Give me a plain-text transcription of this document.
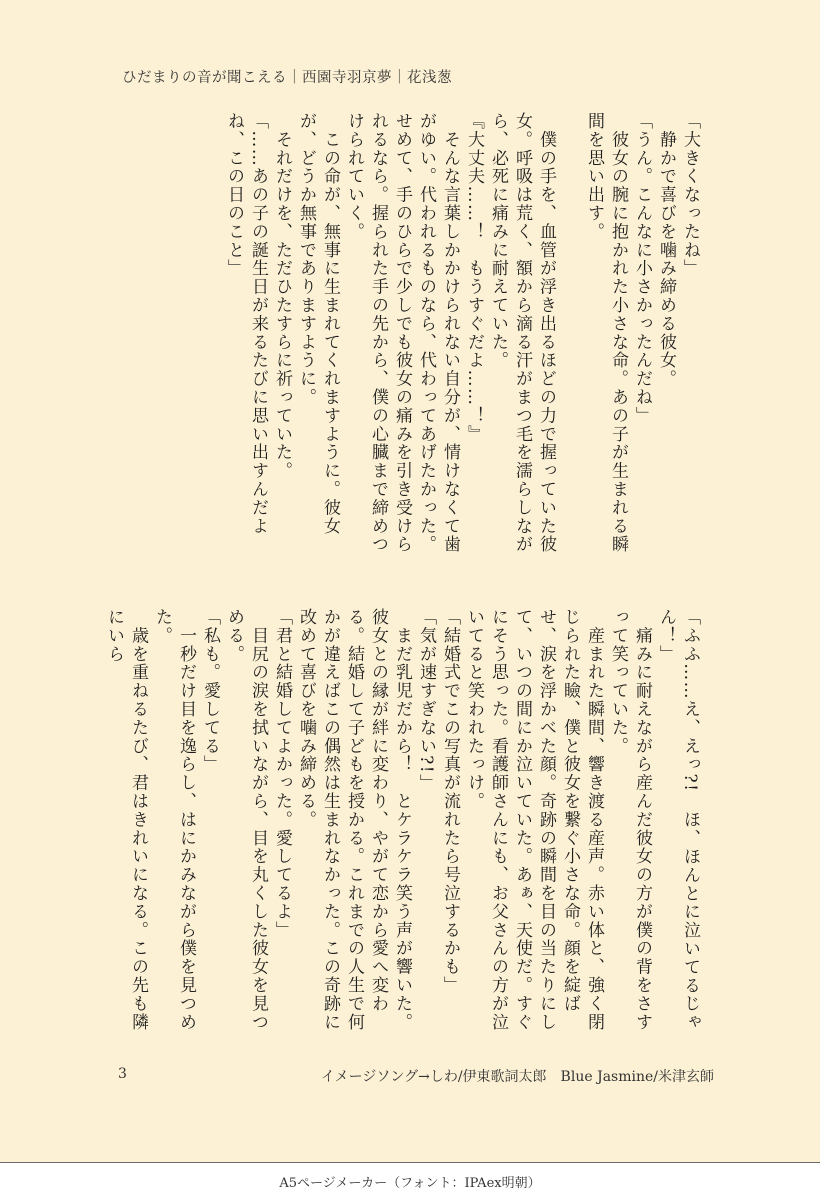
ひだまりの音が聞こえる｜西園寺羽京夢｜花浅葱

「大きくなったね」

　静かで喜びを噛み締める彼女。

「うん。こんなに小さかったんだね」

　彼女の腕に抱かれた小さな命。あの子が生まれる瞬間を思い出す。

　僕の手を、血管が浮き出るほどの力で握っていた彼女。呼吸は荒く、額から滴る汗がまつ毛を濡らしながら、必死に痛みに耐えていた。

『大丈夫……！　もうすぐだよ……！』

　そんな言葉しかかけられない自分が、情けなくて歯がゆい。代われるものなら、代わってあげたかった。せめて、手のひらで少しでも彼女の痛みを引き受けられるなら。握られた手の先から、僕の心臓まで締めつけられていく。

　この命が、無事に生まれてくれますように。彼女が、どうか無事でありますように。

　それだけを、ただひたすらに祈っていた。

「……あの子の誕生日が来るたびに思い出すんだよね、この日のこと」

「ふふ……え、えっ?!　ほ、ほんとに泣いてるじゃん！」

　痛みに耐えながら産んだ彼女の方が僕の背をさすって笑っていた。

　産まれた瞬間、響き渡る産声。赤い体と、強く閉じられた瞼、僕と彼女を繋ぐ小さな命。顔を綻ばせ、涙を浮かべた顔。奇跡の瞬間を目の当たりにして、いつの間にか泣いていた。あぁ、天使だ。すぐにそう思った。看護師さんにも、お父さんの方が泣いてると笑われたっけ。

「結婚式でこの写真が流れたら号泣するかも」

「気が速すぎない?!」

　まだ乳児だから！　とケラケラ笑う声が響いた。彼女との縁が絆に変わり、やがて恋から愛へ変わる。結婚して子どもを授かる。これまでの人生で何かが違えばこの偶然は生まれなかった。この奇跡に改めて喜びを噛み締める。

「君と結婚してよかった。愛してるよ」

　目尻の涙を拭いながら、目を丸くした彼女を見つめる。

「私も。愛してる」

　一秒だけ目を逸らし、はにかみながら僕を見つめた。

　歳を重ねるたび、君はきれいになる。この先も隣にいら

3	イメージソング→しわ/伊東歌詞太郎　Blue Jasmine/米津玄師
A5ページメーカー（フォント：IPAex明朝）
